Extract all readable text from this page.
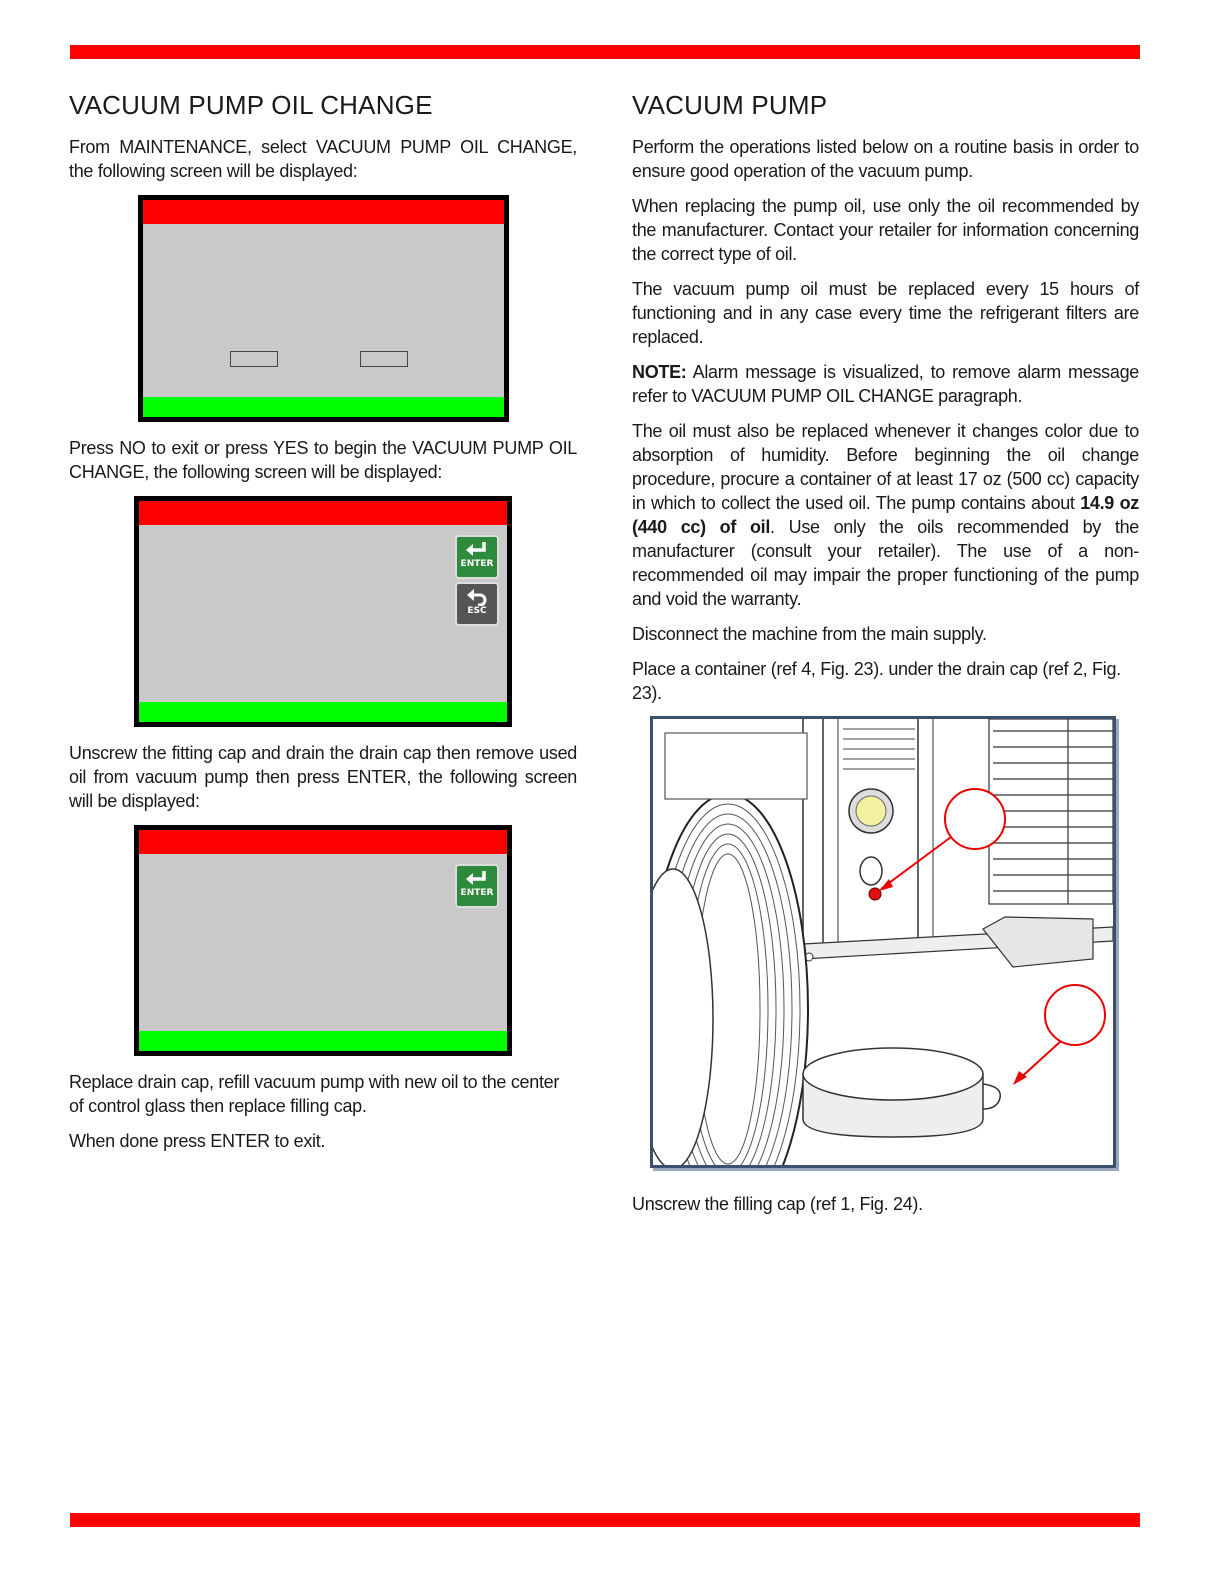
VACUUM PUMP OIL CHANGE

From MAINTENANCE, select VACUUM PUMP OIL CHANGE, the following screen will be displayed:

Press NO to exit or press YES to begin the VACUUM PUMP OIL CHANGE, the following screen will be displayed:

ENTER
ESC

Unscrew the fitting cap and drain the drain cap then remove used oil from vacuum pump then press ENTER, the following screen will be displayed:

ENTER

Replace drain cap, refill vacuum pump with new oil to the center of control glass then replace filling cap.

When done press ENTER to exit.

VACUUM PUMP

Perform the operations listed below on a routine basis in order to ensure good operation of the vacuum pump.

When replacing the pump oil, use only the oil recommended by the manufacturer. Contact your retailer for information concerning the correct type of oil.

The vacuum pump oil must be replaced every 15 hours of functioning and in any case every time the refrigerant filters are replaced.

NOTE: Alarm message is visualized, to remove alarm message refer to VACUUM PUMP OIL CHANGE paragraph.

The oil must also be replaced whenever it changes color due to absorption of humidity. Before beginning the oil change procedure, procure a container of at least 17 oz (500 cc) capacity in which to collect the used oil. The pump contains about 14.9 oz (440 cc) of oil. Use only the oils recommended by the manufacturer (consult your retailer). The use of a non-recommended oil may impair the proper functioning of the pump and void the warranty.

Disconnect the machine from the main supply.

Place a container (ref 4, Fig. 23). under the drain cap (ref 2, Fig. 23).

Unscrew the filling cap (ref 1, Fig. 24).
